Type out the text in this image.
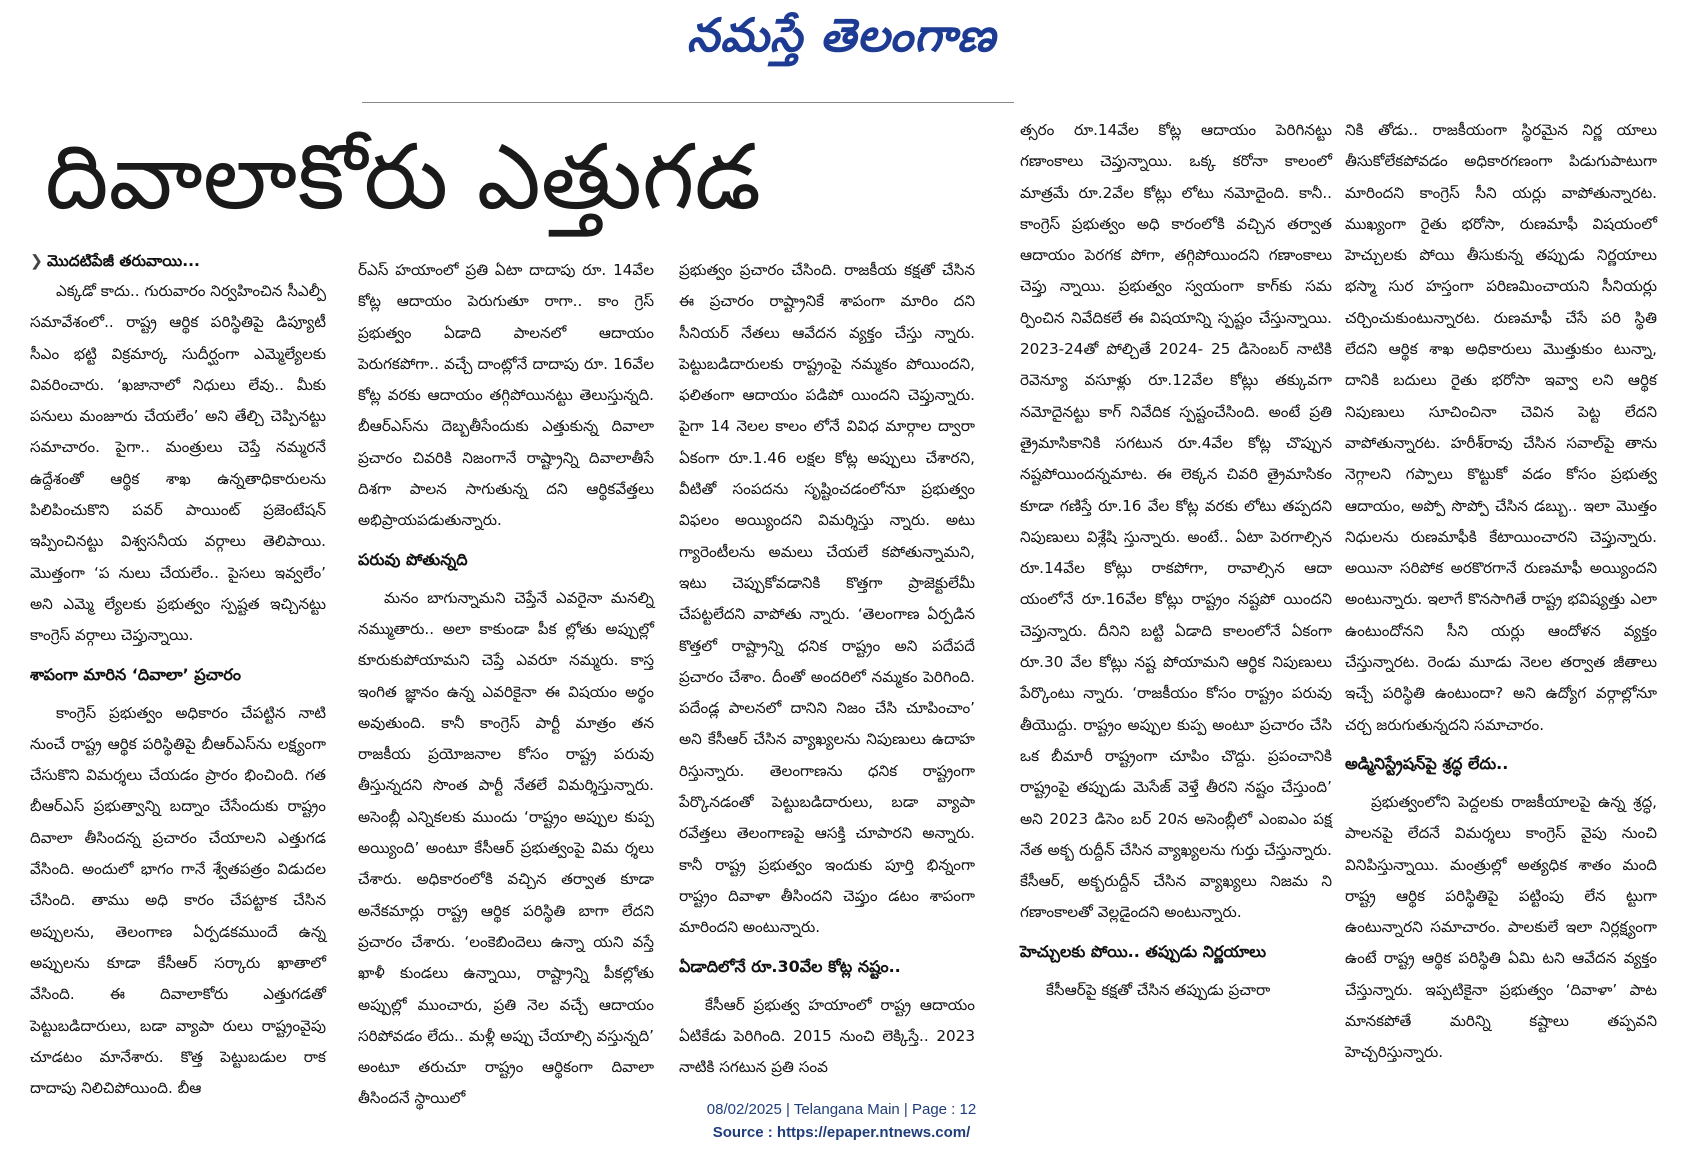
నమస్తే తెలంగాణ
దివాలాకోరు ఎత్తుగడ
❯ మొదటిపేజీ తరువాయి...

ఎక్కడో కాదు.. గురువారం నిర్వహించిన సీఎల్పీ సమావేశంలో.. రాష్ట్ర ఆర్థిక పరిస్థితిపై డిప్యూటీ సీఎం భట్టి విక్రమార్క సుదీర్ఘంగా ఎమ్మెల్యేలకు వివరించారు. ‘ఖజానాలో నిధులు లేవు.. మీకు పనులు మంజూరు చేయలేం’ అని తేల్చి చెప్పినట్టు సమాచారం. పైగా.. మంత్రులు చెప్తే నమ్మరనే ఉద్దేశంతో ఆర్థిక శాఖ ఉన్నతాధికారులను పిలిపించుకొని పవర్ పాయింట్ ప్రజెంటేషన్ ఇప్పించినట్టు విశ్వసనీయ వర్గాలు తెలిపాయి. మొత్తంగా ‘ప నులు చేయలేం.. పైసలు ఇవ్వలేం’ అని ఎమ్మె ల్యేలకు ప్రభుత్వం స్పష్టత ఇచ్చినట్టు కాంగ్రెస్ వర్గాలు చెప్తున్నాయి.

శాపంగా మారిన ‘దివాలా’ ప్రచారం

కాంగ్రెస్ ప్రభుత్వం అధికారం చేపట్టిన నాటి నుంచే రాష్ట్ర ఆర్థిక పరిస్థితిపై బీఆర్ఎస్‌ను లక్ష్యంగా చేసుకొని విమర్శలు చేయడం ప్రారం భించింది. గత బీఆర్ఎస్ ప్రభుత్వాన్ని బద్నాం చేసేందుకు రాష్ట్రం దివాలా తీసిందన్న ప్రచారం చేయాలని ఎత్తుగడ వేసింది. అందులో భాగం గానే శ్వేతపత్రం విడుదల చేసింది. తాము అధి కారం చేపట్టాక చేసిన అప్పులను, తెలంగాణ ఏర్పడకముందే ఉన్న అప్పులను కూడా కేసీఆర్ సర్కారు ఖాతాలో వేసింది. ఈ దివాలాకోరు ఎత్తుగడతో పెట్టుబడిదారులు, బడా వ్యాపా రులు రాష్ట్రంవైపు చూడటం మానేశారు. కొత్త పెట్టుబడుల రాక దాదాపు నిలిచిపోయింది. బీఆ

ర్ఎస్ హయాంలో ప్రతి ఏటా దాదాపు రూ. 14వేల కోట్ల ఆదాయం పెరుగుతూ రాగా.. కాం గ్రెస్ ప్రభుత్వం ఏడాది పాలనలో ఆదాయం పెరుగకపోగా.. వచ్చే దాంట్లోనే దాదాపు రూ. 16వేల కోట్ల వరకు ఆదాయం తగ్గిపోయినట్టు తెలుస్తున్నది. బీఆర్ఎస్‌ను దెబ్బతీసేందుకు ఎత్తుకున్న దివాలా ప్రచారం చివరికి నిజంగానే రాష్ట్రాన్ని దివాలాతీసే దిశగా పాలన సాగుతున్న దని ఆర్థికవేత్తలు అభిప్రాయపడుతున్నారు.

పరువు పోతున్నది

మనం బాగున్నామని చెప్తేనే ఎవరైనా మనల్ని నమ్ముతారు.. అలా కాకుండా పీక ల్లోతు అప్పుల్లో కూరుకుపోయామని చెప్తే ఎవరూ నమ్మరు. కాస్త ఇంగిత జ్ఞానం ఉన్న ఎవరికైనా ఈ విషయం అర్థం అవుతుంది. కానీ కాంగ్రెస్ పార్టీ మాత్రం తన రాజకీయ ప్రయోజనాల కోసం రాష్ట్ర పరువు తీస్తున్నదని సొంత పార్టీ నేతలే విమర్శిస్తున్నారు. అసెంబ్లీ ఎన్నికలకు ముందు ‘రాష్ట్రం అప్పుల కుప్ప అయ్యింది’ అంటూ కేసీఆర్ ప్రభుత్వంపై విమ ర్శలు చేశారు. అధికారంలోకి వచ్చిన తర్వాత కూడా అనేకమార్లు రాష్ట్ర ఆర్థిక పరిస్థితి బాగా లేదని ప్రచారం చేశారు. ‘లంకెబిందెలు ఉన్నా యని వస్తే ఖాళీ కుండలు ఉన్నాయి, రాష్ట్రాన్ని పీకల్లోతు అప్పుల్లో ముంచారు, ప్రతి నెల వచ్చే ఆదాయం సరిపోవడం లేదు.. మళ్లీ అప్పు చేయాల్సి వస్తున్నది’ అంటూ తరుచూ రాష్ట్రం ఆర్థికంగా దివాలా తీసిందనే స్థాయిలో

ప్రభుత్వం ప్రచారం చేసింది. రాజకీయ కక్షతో చేసిన ఈ ప్రచారం రాష్ట్రానికే శాపంగా మారిం దని సీనియర్ నేతలు ఆవేదన వ్యక్తం చేస్తు న్నారు. పెట్టుబడిదారులకు రాష్ట్రంపై నమ్మకం పోయిందని, ఫలితంగా ఆదాయం పడిపో యిందని చెప్తున్నారు. పైగా 14 నెలల కాలం లోనే వివిధ మార్గాల ద్వారా ఏకంగా రూ.1.46 లక్షల కోట్ల అప్పులు చేశారని, వీటితో సంపదను సృష్టించడంలోనూ ప్రభుత్వం విఫలం అయ్యిందని విమర్శిస్తు న్నారు. అటు గ్యారెంటీలను అమలు చేయలే కపోతున్నామని, ఇటు చెప్పుకోవడానికి కొత్తగా ప్రాజెక్టులేమీ చేపట్టలేదని వాపోతు న్నారు. ‘తెలంగాణ ఏర్పడిన కొత్తలో రాష్ట్రాన్ని ధనిక రాష్ట్రం అని పదేపదే ప్రచారం చేశాం. దీంతో అందరిలో నమ్మకం పెరిగింది. పదేండ్ల పాలనలో దానిని నిజం చేసి చూపించాం’ అని కేసీఆర్ చేసిన వ్యాఖ్యలను నిపుణులు ఉదాహ రిస్తున్నారు. తెలంగాణను ధనిక రాష్ట్రంగా పేర్కొనడంతో పెట్టుబడిదారులు, బడా వ్యాపా రవేత్తలు తెలంగాణపై ఆసక్తి చూపారని అన్నారు. కానీ రాష్ట్ర ప్రభుత్వం ఇందుకు పూర్తి భిన్నంగా రాష్ట్రం దివాళా తీసిందని చెప్తుం డటం శాపంగా మారిందని అంటున్నారు.

ఏడాదిలోనే రూ.30వేల కోట్ల నష్టం..

కేసీఆర్ ప్రభుత్వ హయాంలో రాష్ట్ర ఆదాయం ఏటికేడు పెరిగింది. 2015 నుంచి లెక్కిస్తే.. 2023 నాటికి సగటున ప్రతి సంవ

త్సరం రూ.14వేల కోట్ల ఆదాయం పెరిగినట్టు గణాంకాలు చెప్తున్నాయి. ఒక్క కరోనా కాలంలో మాత్రమే రూ.2వేల కోట్లు లోటు నమోదైంది. కానీ.. కాంగ్రెస్ ప్రభుత్వం అధి కారంలోకి వచ్చిన తర్వాత ఆదాయం పెరగక పోగా, తగ్గిపోయిందని గణాంకాలు చెప్తు న్నాయి. ప్రభుత్వం స్వయంగా కాగ్‌కు సమ ర్పించిన నివేదికలే ఈ విషయాన్ని స్పష్టం చేస్తున్నాయి. 2023-24తో పోల్చితే 2024- 25 డిసెంబర్ నాటికి రెవెన్యూ వసూళ్లు రూ.12వేల కోట్లు తక్కువగా నమోదైనట్టు కాగ్ నివేదిక స్పష్టంచేసింది. అంటే ప్రతి త్రైమాసికానికి సగటున రూ.4వేల కోట్ల చొప్పున నష్టపోయిందన్నమాట. ఈ లెక్కన చివరి త్రైమాసికం కూడా గణిస్తే రూ.16 వేల కోట్ల వరకు లోటు తప్పదని నిపుణులు విశ్లేషి స్తున్నారు. అంటే.. ఏటా పెరగాల్సిన రూ.14వేల కోట్లు రాకపోగా, రావాల్సిన ఆదా యంలోనే రూ.16వేల కోట్లు రాష్ట్రం నష్టపో యిందని చెప్తున్నారు. దీనిని బట్టి ఏడాది కాలంలోనే ఏకంగా రూ.30 వేల కోట్లు నష్ట పోయామని ఆర్థిక నిపుణులు పేర్కొంటు న్నారు. ‘రాజకీయం కోసం రాష్ట్రం పరువు తీయొద్దు. రాష్ట్రం అప్పుల కుప్ప అంటూ ప్రచారం చేసి ఒక బీమారీ రాష్ట్రంగా చూపిం చొద్దు. ప్రపంచానికి రాష్ట్రంపై తప్పుడు మెసేజ్ వెళ్తే తీరని నష్టం చేస్తుంది’ అని 2023 డిసెం బర్ 20న అసెంబ్లీలో ఎంఐఎం పక్ష నేత అక్బ రుద్దీన్ చేసిన వ్యాఖ్యలను గుర్తు చేస్తున్నారు. కేసీఆర్, అక్బరుద్దీన్ చేసిన వ్యాఖ్యలు నిజమ ని గణాంకాలతో వెల్లడైందని అంటున్నారు.

హెచ్చులకు పోయి.. తప్పుడు నిర్ణయాలు

కేసీఆర్‌పై కక్షతో చేసిన తప్పుడు ప్రచారా

నికి తోడు.. రాజకీయంగా స్థిరమైన నిర్ణ యాలు తీసుకోలేకపోవడం అధికారగణంగా పిడుగుపాటుగా మారిందని కాంగ్రెస్ సీని యర్లు వాపోతున్నారట. ముఖ్యంగా రైతు భరోసా, రుణమాఫీ విషయంలో హెచ్చులకు పోయి తీసుకున్న తప్పుడు నిర్ణయాలు భస్మా సుర హస్తంగా పరిణమించాయని సీనియర్లు చర్చించుకుంటున్నారట. రుణమాఫీ చేసే పరి స్థితి లేదని ఆర్థిక శాఖ అధికారులు మొత్తుకుం టున్నా, దానికి బదులు రైతు భరోసా ఇవ్వా లని ఆర్థిక నిపుణులు సూచించినా చెవిన పెట్ట లేదని వాపోతున్నారట. హరీశ్‌రావు చేసిన సవాల్‌పై తాను నెగ్గాలని గప్పాలు కొట్టుకో వడం కోసం ప్రభుత్వ ఆదాయం, అప్పో సొప్పో చేసిన డబ్బు.. ఇలా మొత్తం నిధులను రుణమాఫీకి కేటాయించారని చెప్తున్నారు. అయినా సరిపోక అరకొరగానే రుణమాఫీ అయ్యిందని అంటున్నారు. ఇలాగే కొనసాగితే రాష్ట్ర భవిష్యత్తు ఎలా ఉంటుందోనని సీని యర్లు ఆందోళన వ్యక్తం చేస్తున్నారట. రెండు మూడు నెలల తర్వాత జీతాలు ఇచ్చే పరిస్థితి ఉంటుందా? అని ఉద్యోగ వర్గాల్లోనూ చర్చ జరుగుతున్నదని సమాచారం.

అడ్మినిస్ట్రేషన్‌పై శ్రద్ధ లేదు..

ప్రభుత్వంలోని పెద్దలకు రాజకీయాలపై ఉన్న శ్రద్ధ, పాలనపై లేదనే విమర్శలు కాంగ్రెస్ వైపు నుంచి వినిపిస్తున్నాయి. మంత్రుల్లో అత్యధిక శాతం మంది రాష్ట్ర ఆర్థిక పరిస్థితిపై పట్టింపు లేన ట్టుగా ఉంటున్నారని సమాచారం. పాలకులే ఇలా నిర్లక్ష్యంగా ఉంటే రాష్ట్ర ఆర్థిక పరిస్థితి ఏమి టని ఆవేదన వ్యక్తం చేస్తున్నారు. ఇప్పటికైనా ప్రభుత్వం ‘దివాళా’ పాట మానకపోతే మరిన్ని కష్టాలు తప్పవని హెచ్చరిస్తున్నారు.

08/02/2025 | Telangana Main | Page : 12
Source : https://epaper.ntnews.com/
